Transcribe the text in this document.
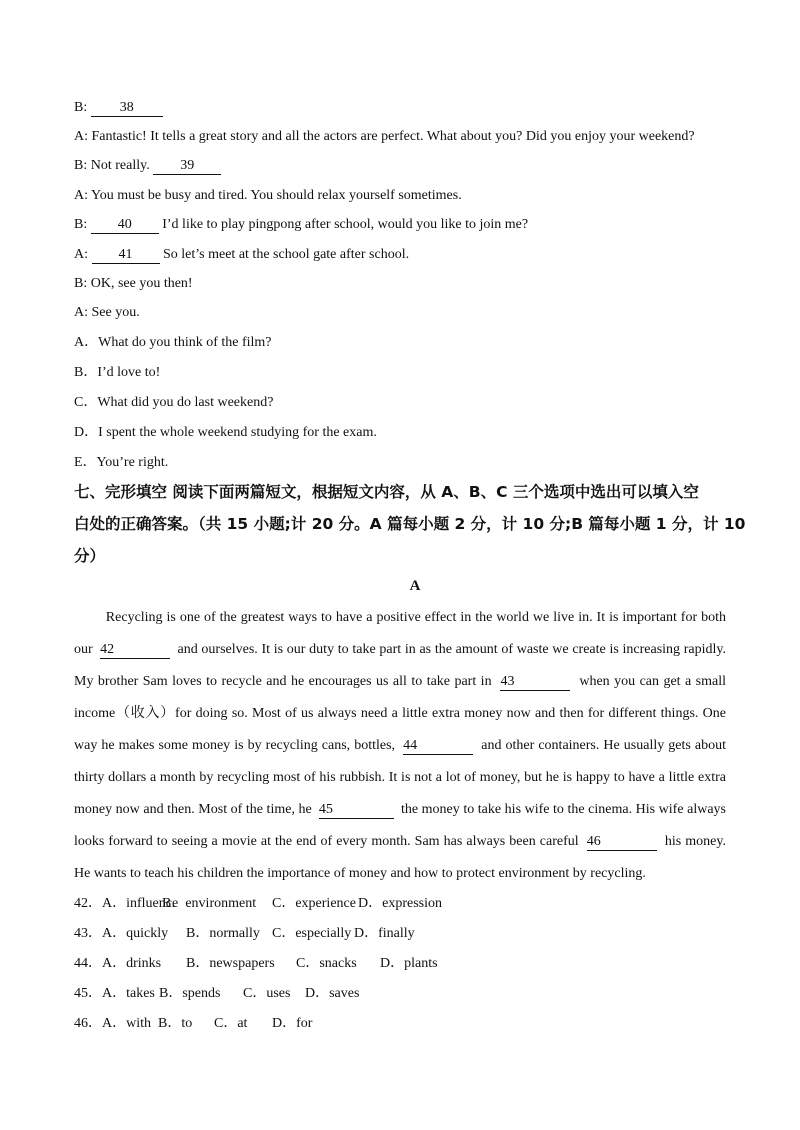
B: 38
A: Fantastic! It tells a great story and all the actors are perfect. What about you? Did you enjoy your weekend?
B: Not really. 39
A: You must be busy and tired. You should relax yourself sometimes.
B: 40 I’d like to play pingpong after school, would you like to join me?
A: 41 So let’s meet at the school gate after school.
B: OK, see you then!
A: See you.
A．What do you think of the film?
B．I’d love to!
C．What did you do last weekend?
D．I spent the whole weekend studying for the exam.
E．You’re right.
七、完形填空 阅读下面两篇短文，根据短文内容，从 A、B、C 三个选项中选出可以填入空
白处的正确答案。（共 15 小题;计 20 分。A 篇每小题 2 分，计 10 分;B 篇每小题 1 分，计 10
分）
A
Recycling is one of the greatest ways to have a positive effect in the world we live in. It is important for both
our  42	and ourselves. It is our duty to take part in as the amount of waste we create is increasing rapidly.
My brother Sam loves to recycle and he encourages us all to take part in  43	when you can get a small
income（收入）for doing so. Most of us always need a little extra money now and then for different things. One
way he makes some money is by recycling cans, bottles,  44	and other containers. He usually gets about
thirty dollars a month by recycling most of his rubbish. It is not a lot of money, but he is happy to have a little extra
money now and then. Most of the time, he  45	the money to take his wife to the cinema. His wife always
looks forward to seeing a movie at the end of every month. Sam has always been careful  46	his money.
He wants to teach his children the importance of money and how to protect environment by recycling.
42．A．influenceB．environment C．experience D．expression
43．A．quickly B．normally C．especially D．finally
44．A．drinks B．newspapers C．snacks D．plants
45．A．takes B．spends C．uses D．saves
46．A．with B．to C．at D．for
